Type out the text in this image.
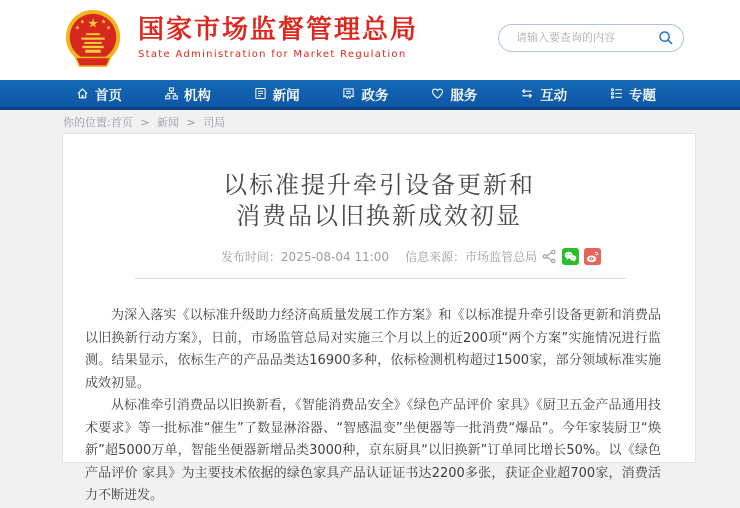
★
★	★
★	★ 国家市场监督管理总局
State Administration for Market Regulation
请输入要查询的内容
首页	机构	新闻	政务	服务	互动	专题
你的位置:首页 > 新闻 > 司局
以标准提升牵引设备更新和
消费品以旧换新成效初显
发布时间：2025-08-04 11:00 信息来源：市场监管总局

为深入落实《以标准升级助力经济高质量发展工作方案》和《以标准提升牵引设备更新和消费品以旧换新行动方案》，日前，市场监管总局对实施三个月以上的近200项“两个方案”实施情况进行监测。结果显示，依标生产的产品品类达16900多种，依标检测机构超过1500家，部分领域标准实施成效初显。

从标准牵引消费品以旧换新看，《智能消费品安全》《绿色产品评价 家具》《厨卫五金产品通用技术要求》等一批标准“催生”了数显淋浴器、“智感温变”坐便器等一批消费“爆品”。今年家装厨卫“焕新”超5000万单，智能坐便器新增品类3000种，京东厨具“以旧换新”订单同比增长50%。以《绿色产品评价 家具》为主要技术依据的绿色家具产品认证证书达2200多张，获证企业超700家，消费活力不断迸发。
